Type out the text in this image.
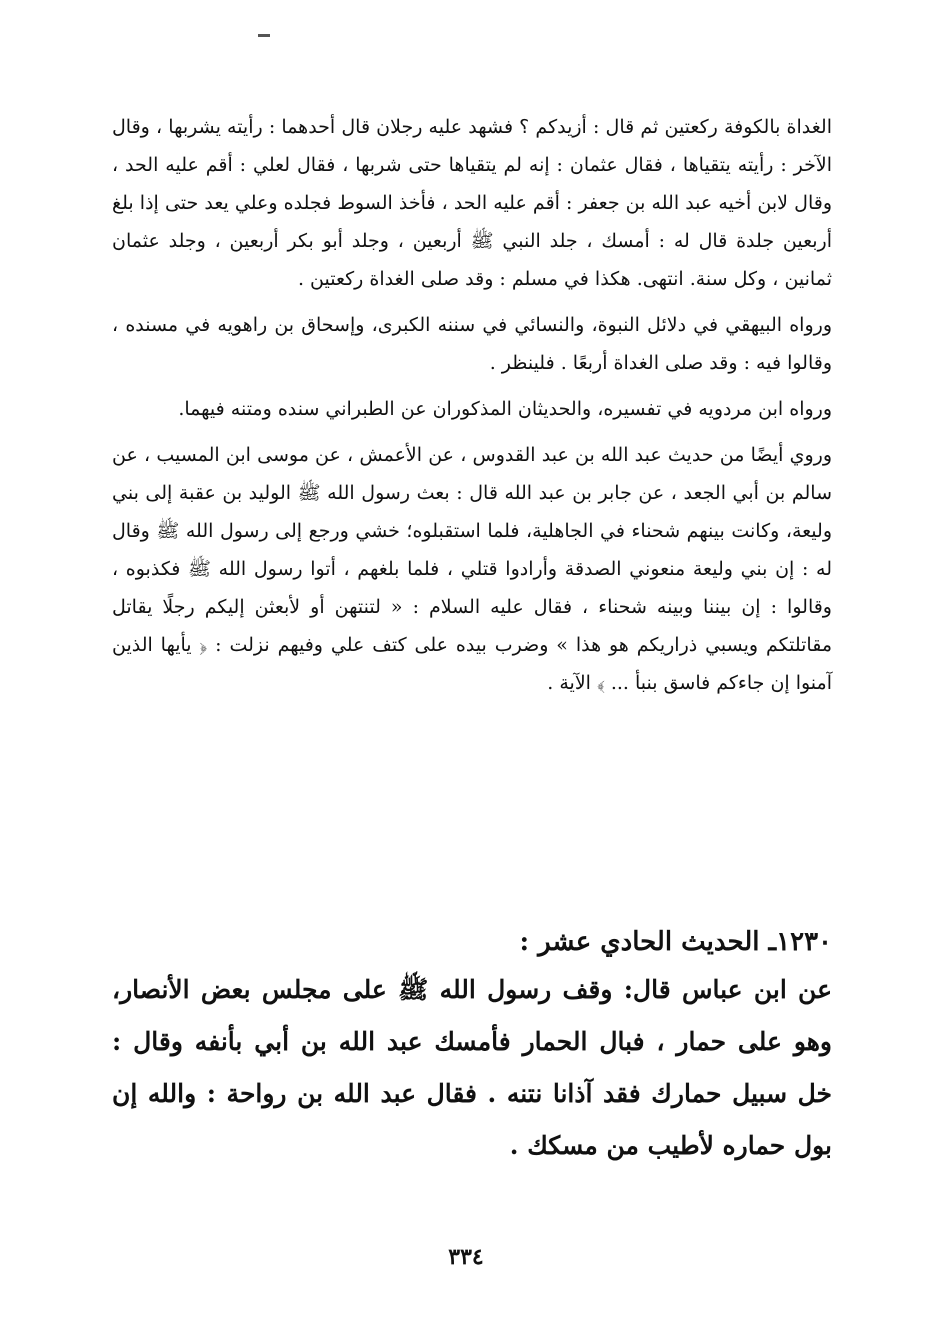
الغداة بالكوفة ركعتين ثم قال : أزيدكم ؟ فشهد عليه رجلان قال أحدهما : رأيته يشربها ، وقال الآخر : رأيته يتقياها ، فقال عثمان : إنه لم يتقياها حتى شربها ، فقال لعلي : أقم عليه الحد ، وقال لابن أخيه عبد الله بن جعفر : أقم عليه الحد ، فأخذ السوط فجلده وعلي يعد حتى إذا بلغ أربعين جلدة قال له : أمسك ، جلد النبي ﷺ أربعين ، وجلد أبو بكر أربعين ، وجلد عثمان ثمانين ، وكل سنة. انتهى. هكذا في مسلم : وقد صلى الغداة ركعتين .

ورواه البيهقي في دلائل النبوة، والنسائي في سننه الكبرى، وإسحاق بن راهويه في مسنده ، وقالوا فيه : وقد صلى الغداة أربعًا . فلينظر .

ورواه ابن مردويه في تفسيره، والحديثان المذكوران عن الطبراني سنده ومتنه فيهما.

وروي أيضًا من حديث عبد الله بن عبد القدوس ، عن الأعمش ، عن موسى ابن المسيب ، عن سالم بن أبي الجعد ، عن جابر بن عبد الله قال : بعث رسول الله ﷺ الوليد بن عقبة إلى بني وليعة، وكانت بينهم شحناء في الجاهلية، فلما استقبلوه؛ خشي ورجع إلى رسول الله ﷺ وقال له : إن بني وليعة منعوني الصدقة وأرادوا قتلي ، فلما بلغهم ، أتوا رسول الله ﷺ فكذبوه ، وقالوا : إن بيننا وبينه شحناء ، فقال عليه السلام : « لتنتهن أو لأبعثن إليكم رجلًا يقاتل مقاتلتكم ويسبي ذراريكم هو هذا » وضرب بيده على كتف علي وفيهم نزلت : ﴿ يأيها الذين آمنوا إن جاءكم فاسق بنبأ ... ﴾ الآية .

١٢٣٠ـ الحديث الحادي عشر :

عن ابن عباس قال: وقف رسول الله ﷺ على مجلس بعض الأنصار، وهو على حمار ، فبال الحمار فأمسك عبد الله بن أبي بأنفه وقال : خل سبيل حمارك فقد آذانا نتنه . فقال عبد الله بن رواحة : والله إن بول حماره لأطيب من مسكك .

٣٣٤
